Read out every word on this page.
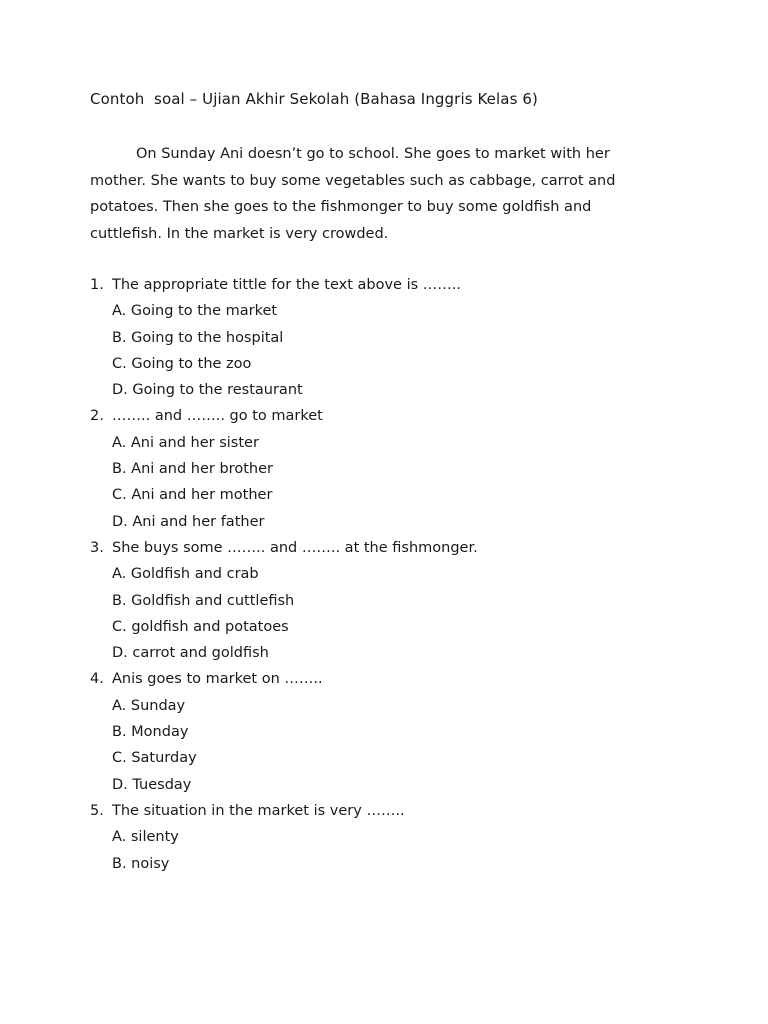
Contoh  soal – Ujian Akhir Sekolah (Bahasa Inggris Kelas 6)
On Sunday Ani doesn’t go to school. She goes to market with her
mother. She wants to buy some vegetables such as cabbage, carrot and
potatoes. Then she goes to the fishmonger to buy some goldfish and
cuttlefish. In the market is very crowded.
1. The appropriate tittle for the text above is ……..
A. Going to the market
B. Going to the hospital
C. Going to the zoo
D. Going to the restaurant
2. …….. and …….. go to market
A. Ani and her sister
B. Ani and her brother
C. Ani and her mother
D. Ani and her father
3. She buys some …….. and …….. at the fishmonger.
A. Goldfish and crab
B. Goldfish and cuttlefish
C. goldfish and potatoes
D. carrot and goldfish
4. Anis goes to market on ……..
A. Sunday
B. Monday
C. Saturday
D. Tuesday
5. The situation in the market is very ……..
A. silenty
B. noisy
